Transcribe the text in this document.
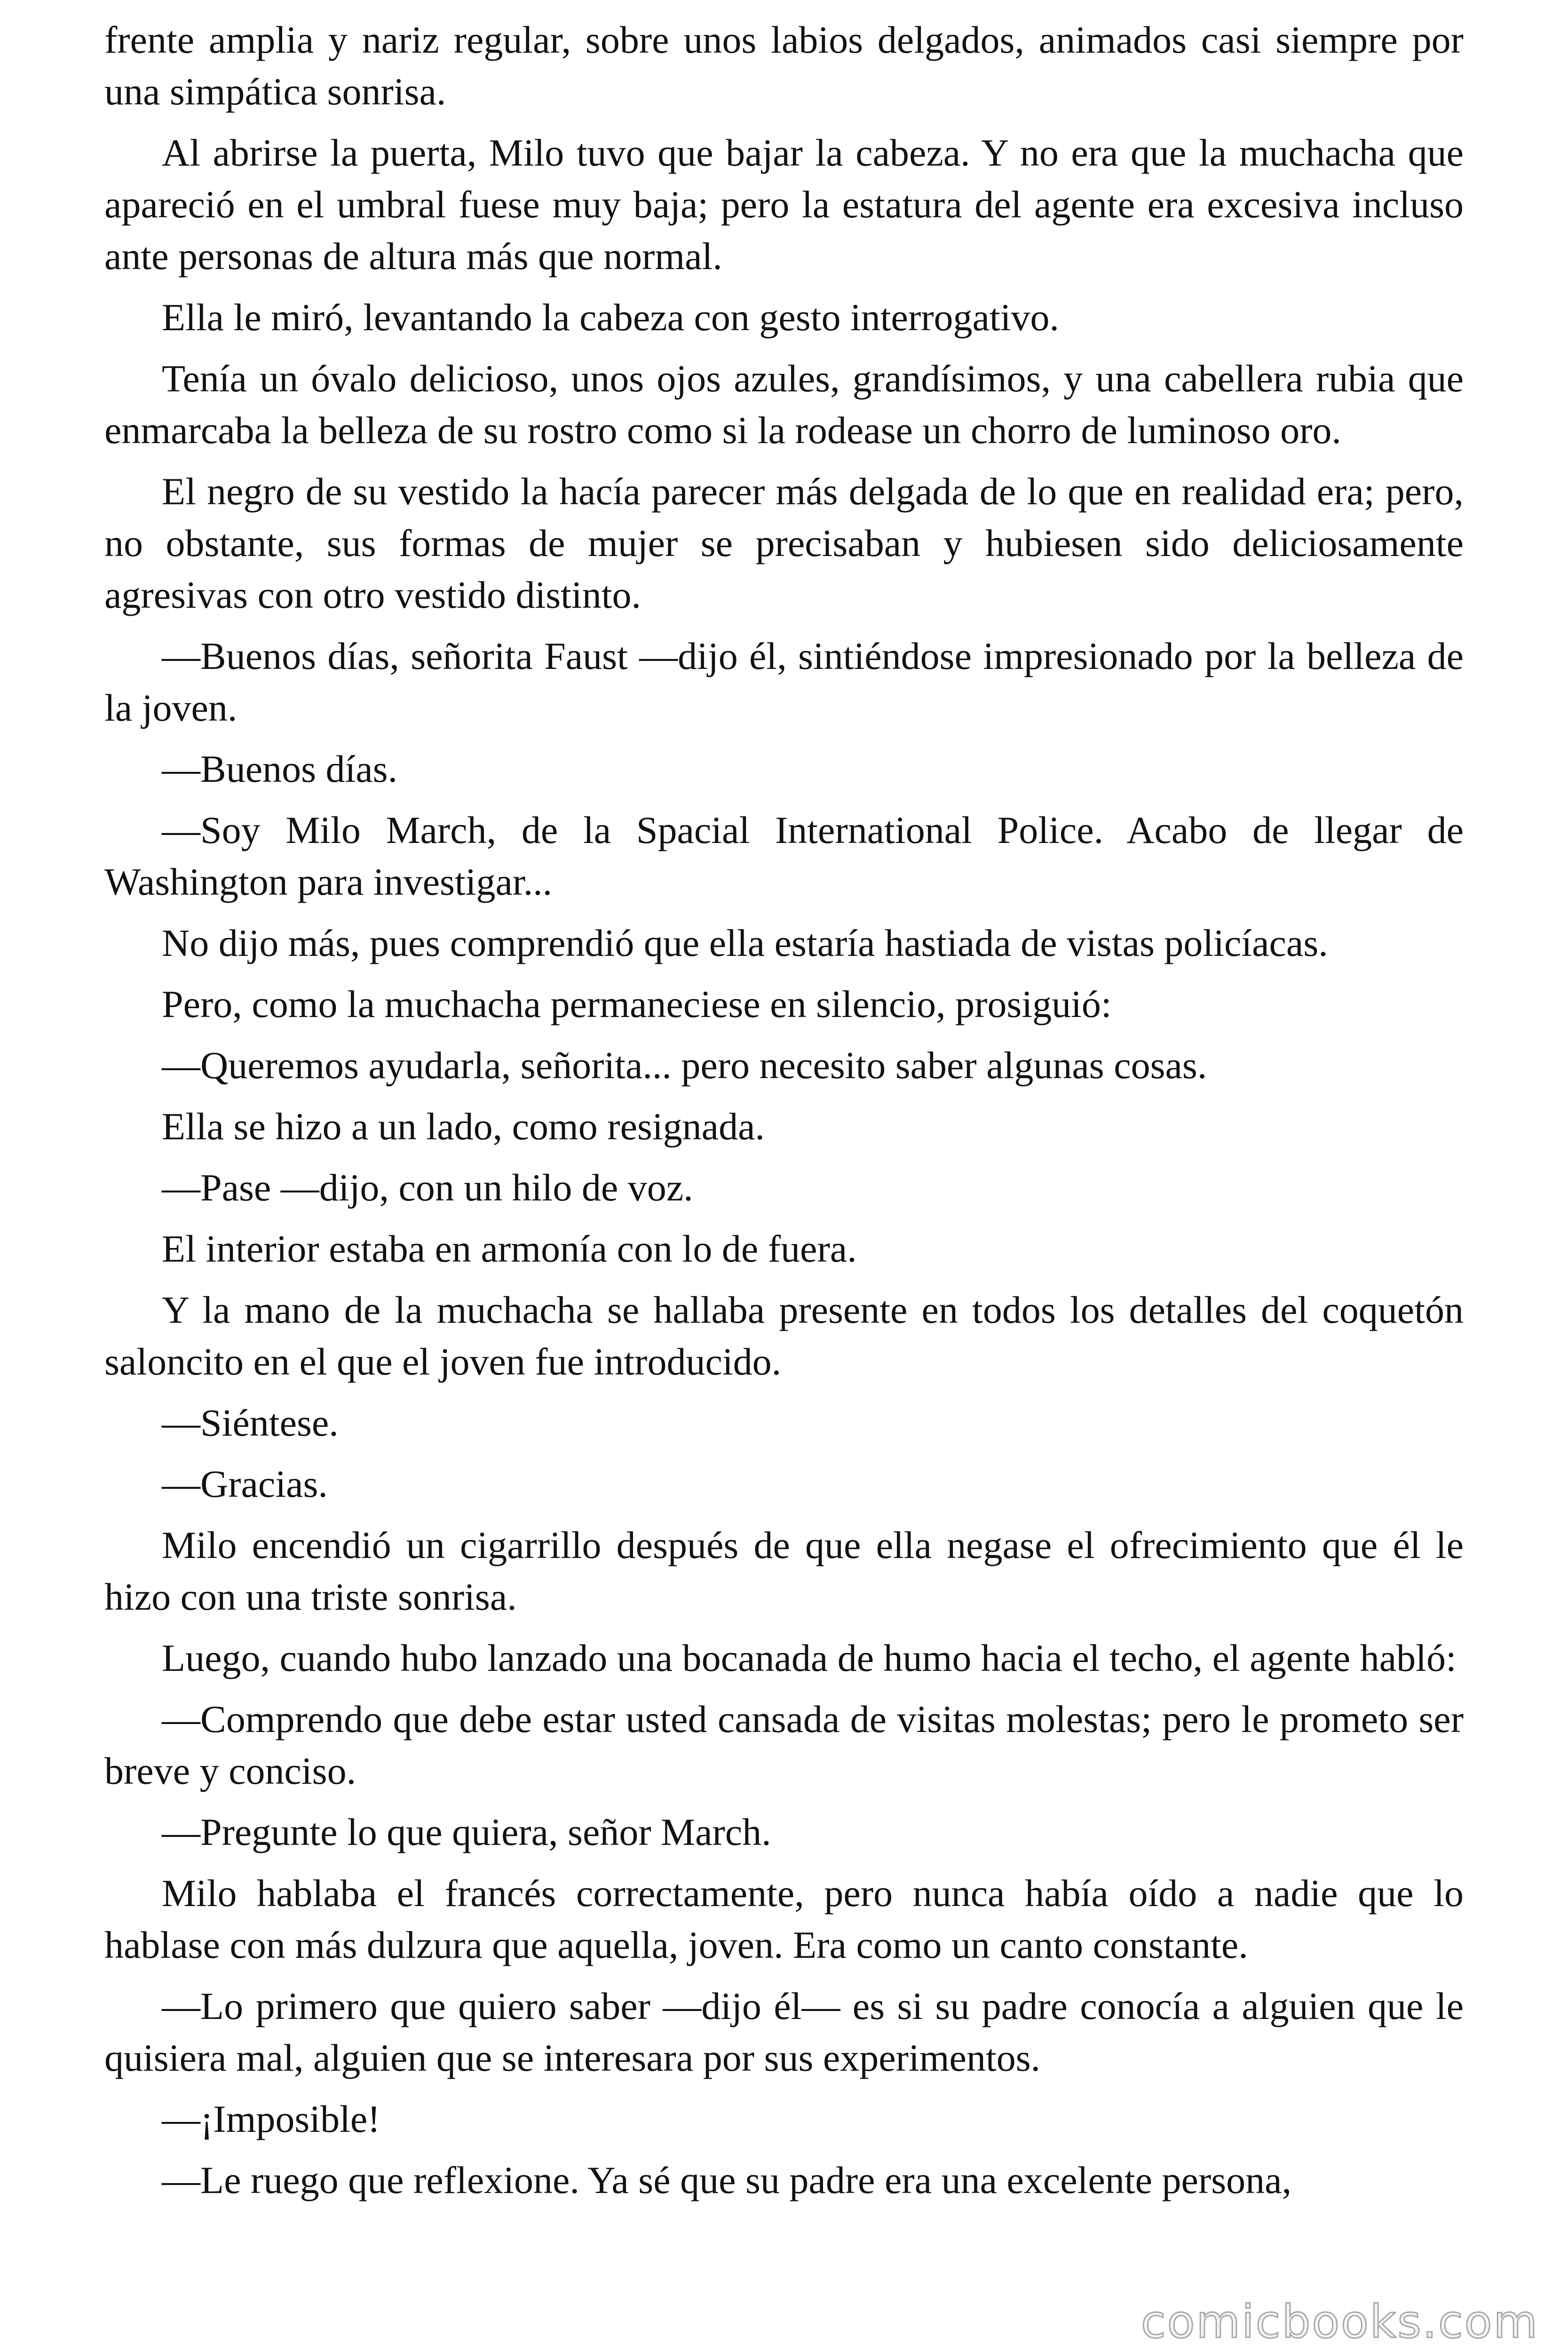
frente amplia y nariz regular, sobre unos labios delgados, animados casi siempre por una simpática sonrisa.

Al abrirse la puerta, Milo tuvo que bajar la cabeza. Y no era que la muchacha que apareció en el umbral fuese muy baja; pero la estatura del agente era excesiva incluso ante personas de altura más que normal.

Ella le miró, levantando la cabeza con gesto interrogativo.

Tenía un óvalo delicioso, unos ojos azules, grandísimos, y una cabellera rubia que enmarcaba la belleza de su rostro como si la rodease un chorro de luminoso oro.

El negro de su vestido la hacía parecer más delgada de lo que en realidad era; pero, no obstante, sus formas de mujer se precisaban y hubiesen sido deliciosamente agresivas con otro vestido distinto.

—Buenos días, señorita Faust —dijo él, sintiéndose impresionado por la belleza de la joven.

—Buenos días.

—Soy Milo March, de la Spacial International Police. Acabo de llegar de Washington para investigar...

No dijo más, pues comprendió que ella estaría hastiada de vistas policíacas.

Pero, como la muchacha permaneciese en silencio, prosiguió:

—Queremos ayudarla, señorita... pero necesito saber algunas cosas.

Ella se hizo a un lado, como resignada.

—Pase —dijo, con un hilo de voz.

El interior estaba en armonía con lo de fuera.

Y la mano de la muchacha se hallaba presente en todos los detalles del coquetón saloncito en el que el joven fue introducido.

—Siéntese.

—Gracias.

Milo encendió un cigarrillo después de que ella negase el ofrecimiento que él le hizo con una triste sonrisa.

Luego, cuando hubo lanzado una bocanada de humo hacia el techo, el agente habló:

—Comprendo que debe estar usted cansada de visitas molestas; pero le prometo ser breve y conciso.

—Pregunte lo que quiera, señor March.

Milo hablaba el francés correctamente, pero nunca había oído a nadie que lo hablase con más dulzura que aquella, joven. Era como un canto constante.

—Lo primero que quiero saber —dijo él— es si su padre conocía a alguien que le quisiera mal, alguien que se interesara por sus experimentos.

—¡Imposible!

—Le ruego que reflexione. Ya sé que su padre era una excelente persona,

comicbooks.com
